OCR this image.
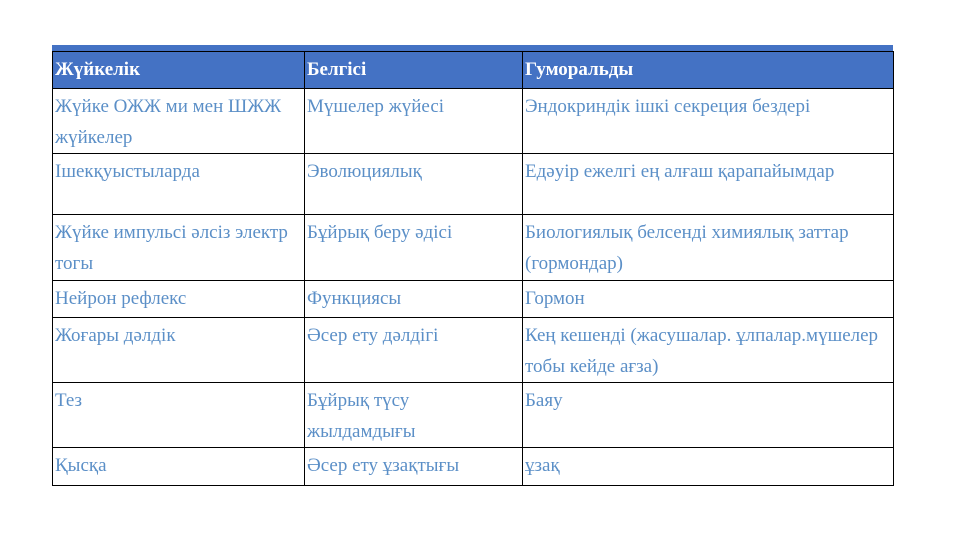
Жүйкелік	Белгісі	Гуморальды
Жүйке ОЖЖ ми мен ШЖЖ жүйкелер	Мүшелер жүйесі	Эндокриндік ішкі секреция бездері
Ішекқуыстыларда	Эволюциялық	Едәуір ежелгі ең алғаш қарапайымдар
Жүйке импульсі әлсіз электр тогы	Бұйрық беру әдісі	Биологиялық белсенді химиялық заттар (гормондар)
Нейрон рефлекс	Функциясы	Гормон
Жоғары дәлдік	Әсер ету дәлдігі	Кең кешенді (жасушалар. ұлпалар.мүшелер тобы кейде ағза)
Тез	Бұйрық түсу жылдамдығы	Баяу
Қысқа	Әсер ету ұзақтығы	ұзақ
